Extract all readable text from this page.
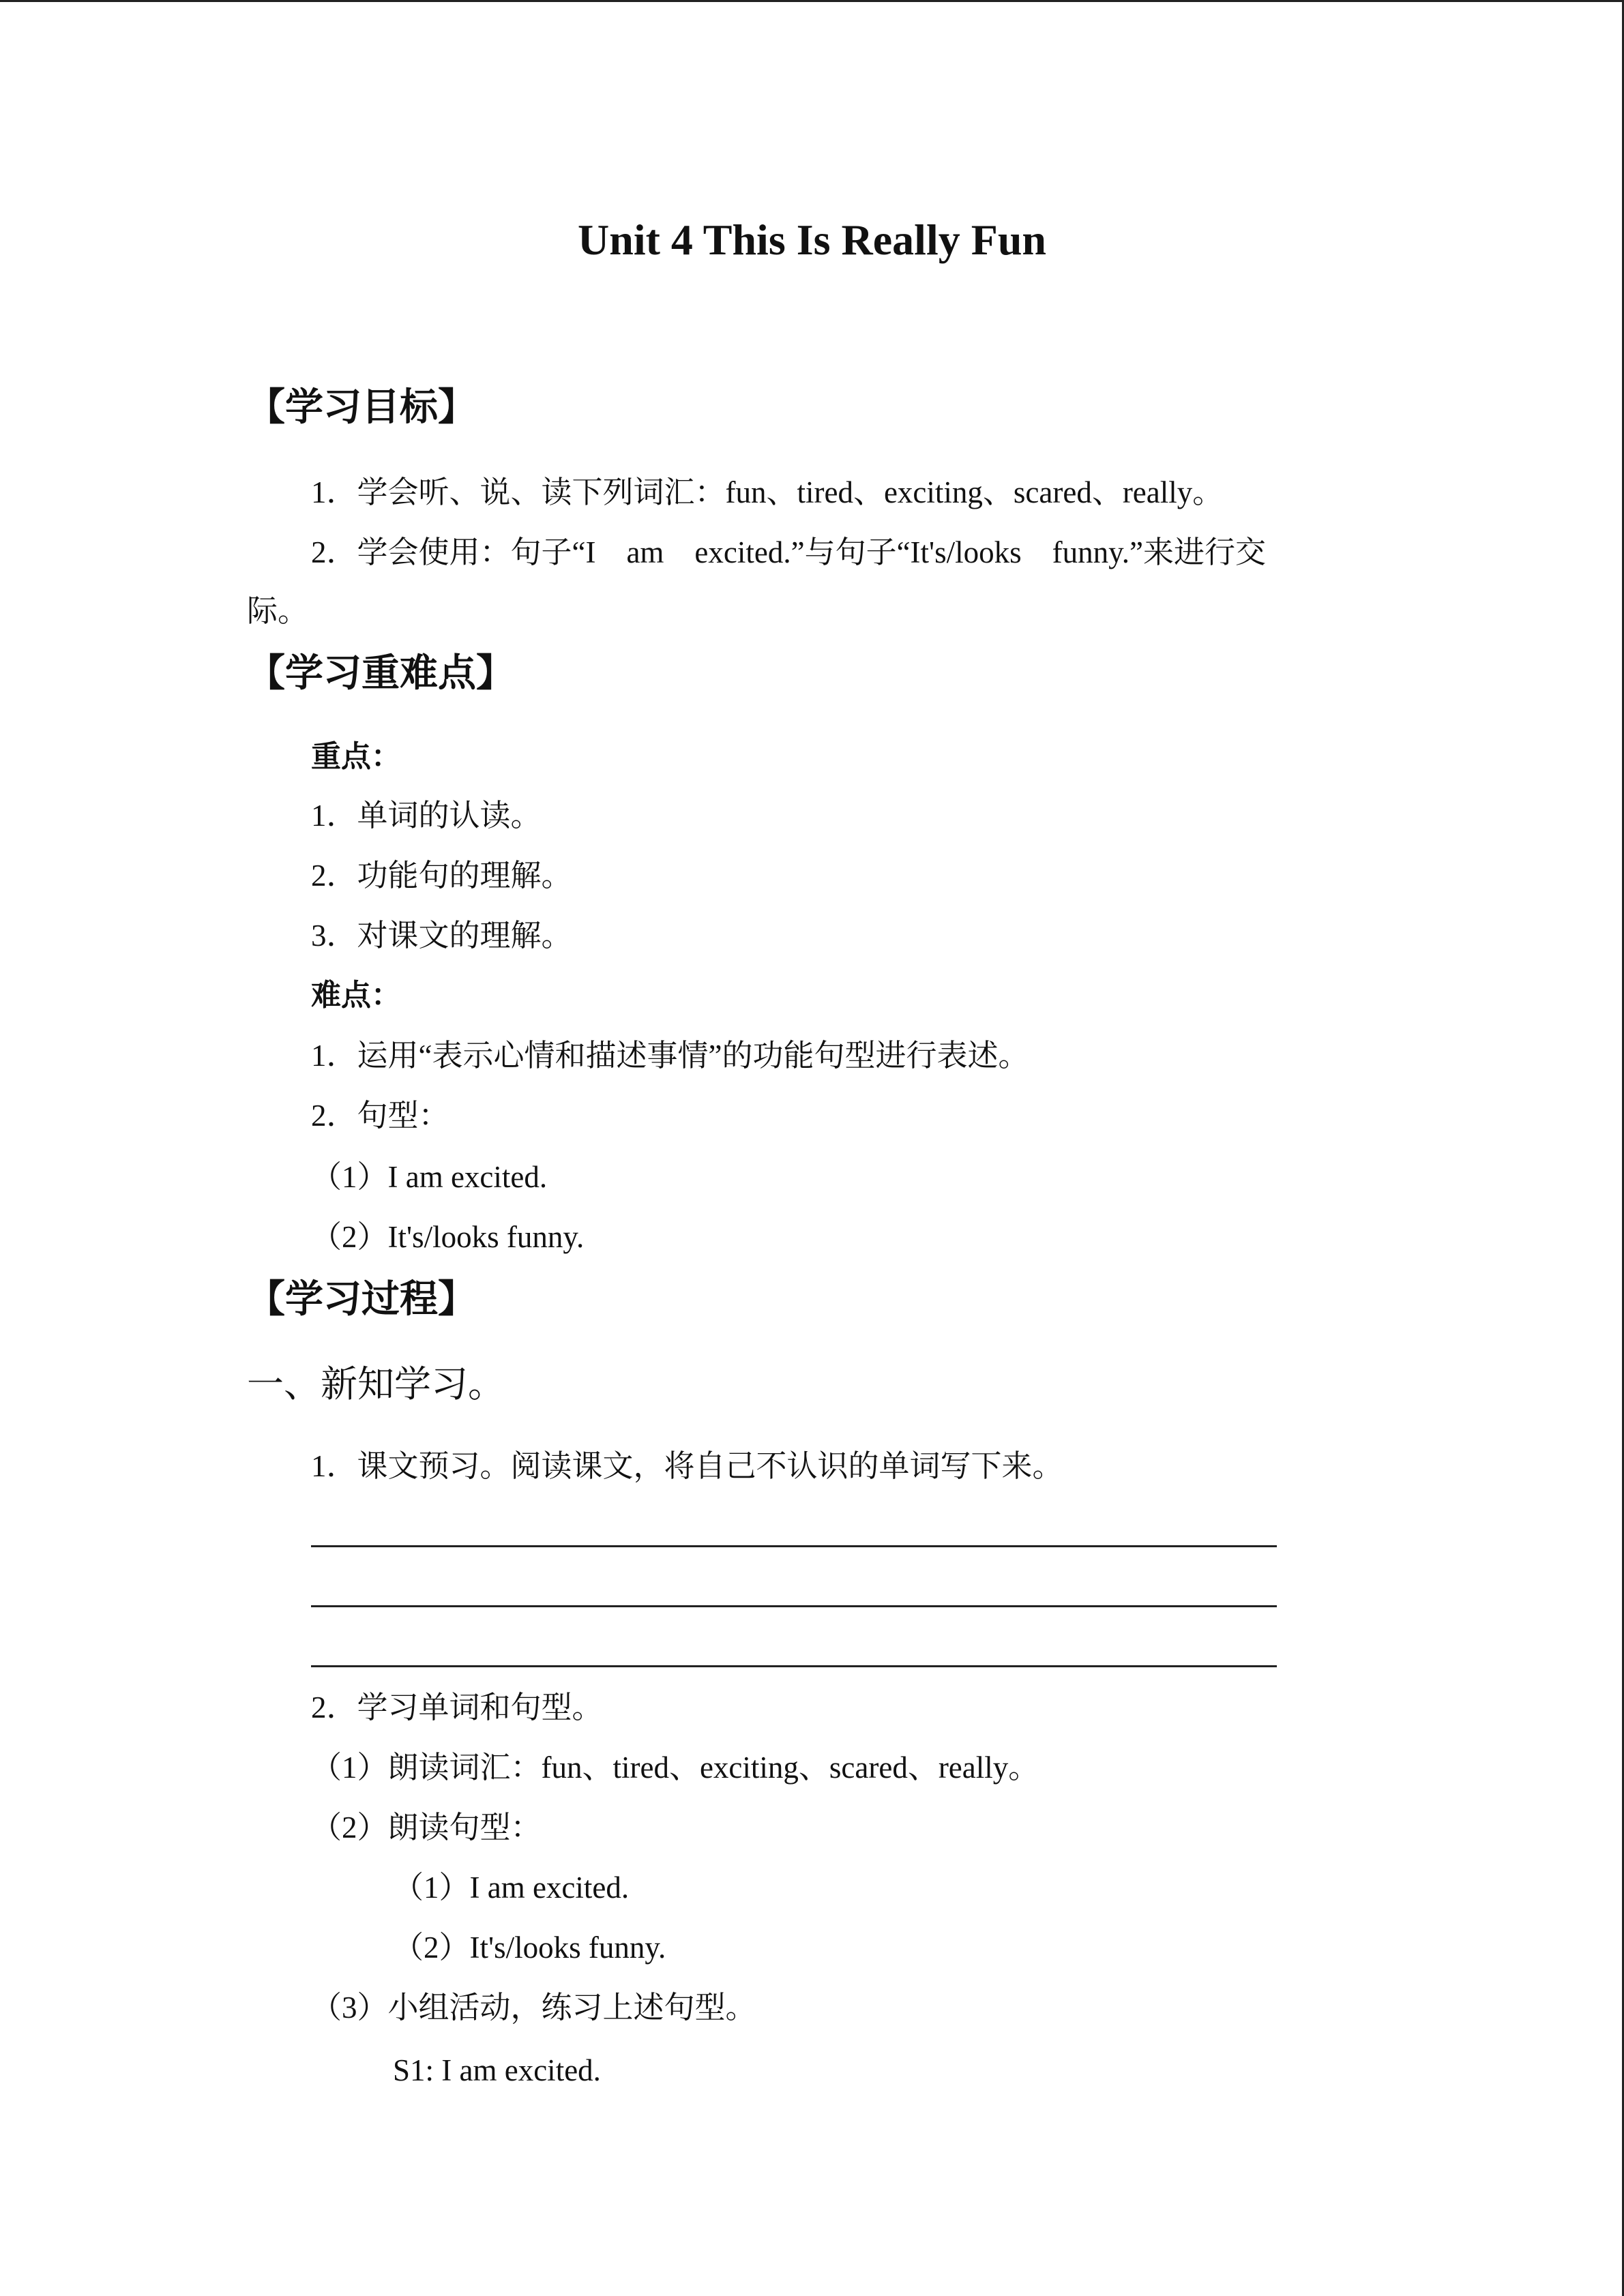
Unit 4 This Is Really Fun
【学习目标】
1．学会听、说、读下列词汇：fun、tired、exciting、scared、really。
2．学会使用：句子“I　am　excited.”与句子“It's/looks　funny.”来进行交
际。
【学习重难点】
重点：
1．单词的认读。
2．功能句的理解。
3．对课文的理解。
难点：
1．运用“表示心情和描述事情”的功能句型进行表述。
2．句型：
（1）I am excited.
（2）It's/looks funny.
【学习过程】
一、新知学习。
1．课文预习。阅读课文，将自己不认识的单词写下来。
2．学习单词和句型。
（1）朗读词汇：fun、tired、exciting、scared、really。
（2）朗读句型：
（1）I am excited.
（2）It's/looks funny.
（3）小组活动，练习上述句型。
S1: I am excited.
